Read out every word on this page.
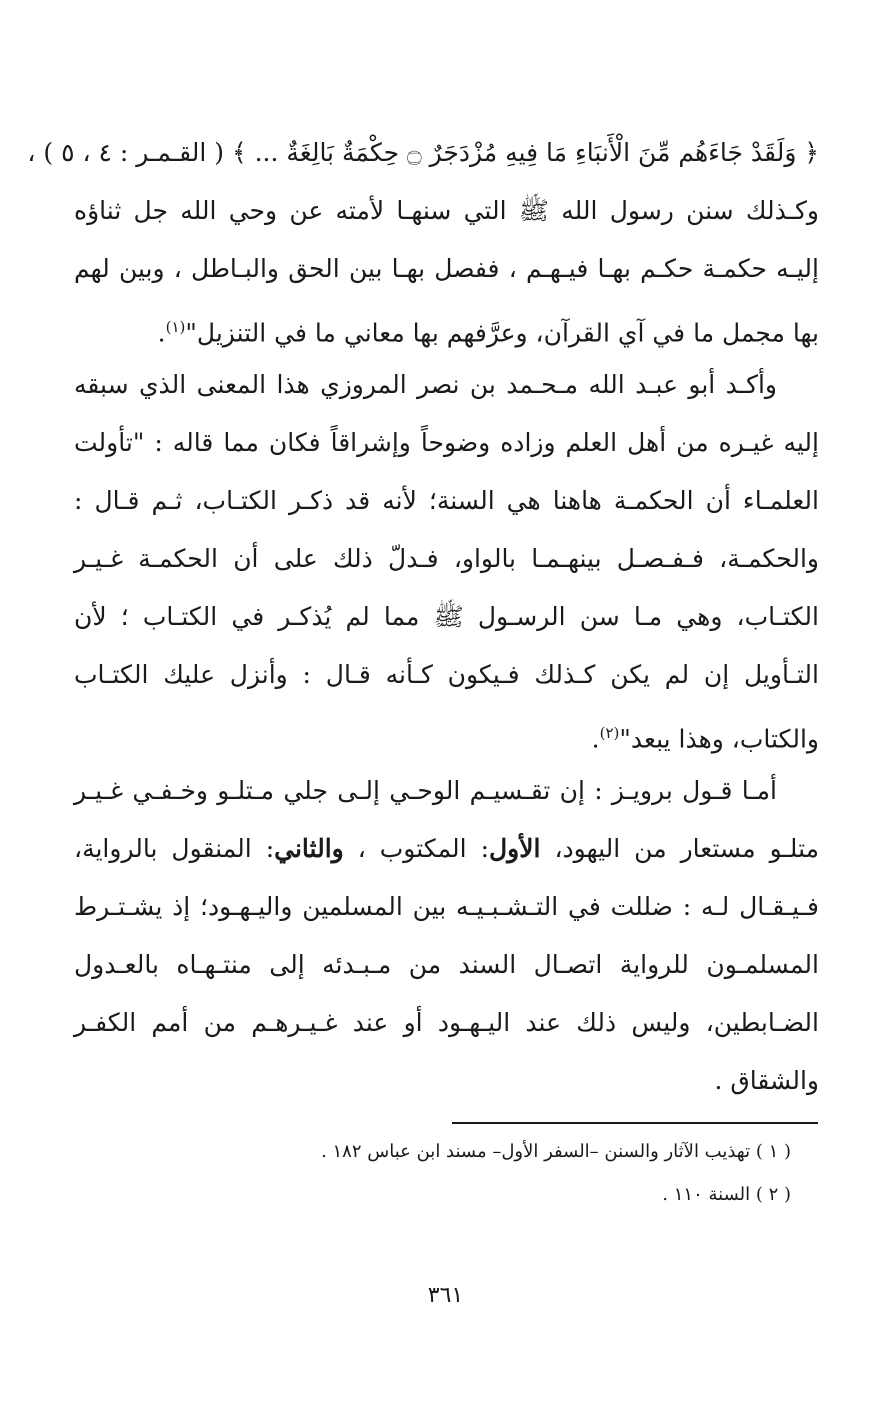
﴿ وَلَقَدْ جَاءَهُم مِّنَ الْأَنبَاءِ مَا فِيهِ مُزْدَجَرٌ ۝ حِكْمَةٌ بَالِغَةٌ ... ﴾ ( القـمـر : ٤ ، ٥ ) ،
وكـذلك سنن رسول الله ﷺ التي سنهـا لأمته عن وحي الله جل ثناؤه
إليـه حكمـة حكـم بهـا فيـهـم ، ففصل بهـا بين الحق والبـاطل ، وبين لهم
بها مجمل ما في آي القرآن، وعرَّفهم بها معاني ما في التنزيل"$^{(١)}$.
وأكـد أبو عبـد الله مـحـمد بن نصر المروزي هذا المعنى الذي سبقه
إليه غيـره من أهل العلم وزاده وضوحاً وإشراقاً فكان مما قاله : "تأولت
العلمـاء أن الحكمـة هاهنا هي السنة؛ لأنه قد ذكـر الكتـاب، ثـم قـال :
والحكمـة، فـفـصـل بينهـمـا بالواو، فـدلّ ذلك على أن الحكمـة غـيـر
الكتـاب، وهي مـا سن الرسـول ﷺ مما لم يُذكـر في الكتـاب ؛ لأن
التـأويل إن لم يكن كـذلك فـيكون كـأنه قـال : وأنزل عليك الكتـاب
والكتاب، وهذا يبعد"$^{(٢)}$.
أمـا قـول برويـز : إن تقـسيـم الوحـي إلـى جلي مـتلـو وخـفـي غـيـر
متلـو مستعار من اليهود، الأول: المكتوب ، والثاني: المنقول بالرواية،
فـيـقـال لـه : ضللت في التـشـبـيـه بين المسلمين واليـهـود؛ إذ يشـتـرط
المسلمـون للرواية اتصـال السند من مـبـدئه إلى منتـهـاه بالعـدول
الضـابطين، وليس ذلك عند اليـهـود أو عند غـيـرهـم من أمم الكفـر
والشقاق .
( ١ ) تهذيب الآثار والسنن –السفر الأول– مسند ابن عباس ١٨٢ .
( ٢ ) السنة ١١٠ .
٣٦١
